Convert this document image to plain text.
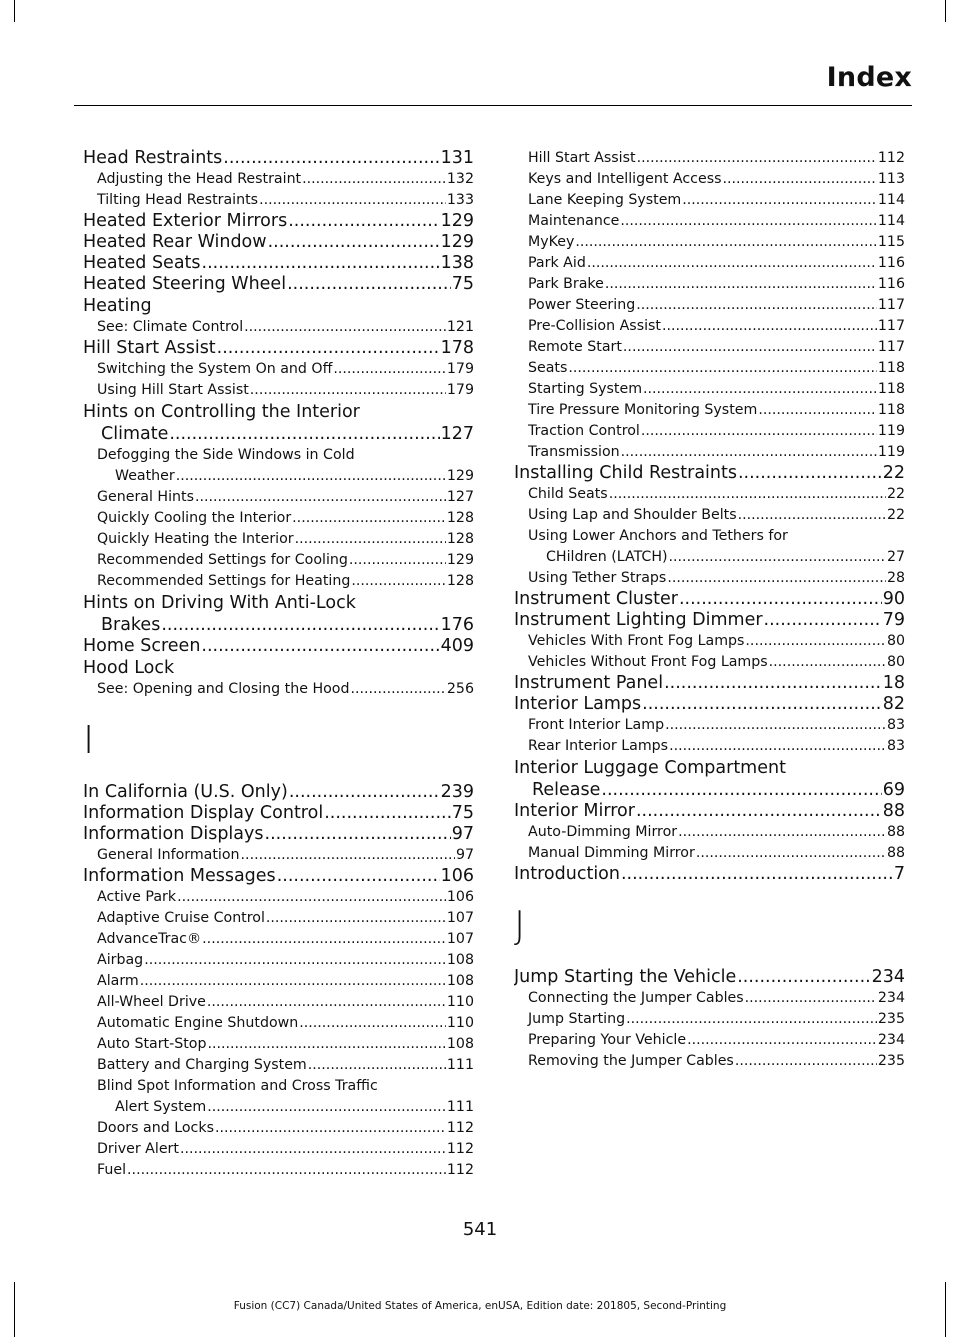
Index
Head Restraints .....	131
Adjusting the Head Restraint .....	132
Tilting Head Restraints .....	133
Heated Exterior Mirrors .....	129
Heated Rear Window .....	129
Heated Seats .....	138
Heated Steering Wheel .....	75
Heating
See: Climate Control .....	121
Hill Start Assist .....	178
Switching the System On and Off .....	179
Using Hill Start Assist .....	179
Hints on Controlling the Interior
Climate .....	127
Defogging the Side Windows in Cold
Weather .....	129
General Hints .....	127
Quickly Cooling the Interior .....	128
Quickly Heating the Interior .....	128
Recommended Settings for Cooling .....	129
Recommended Settings for Heating .....	128
Hints on Driving With Anti-Lock
Brakes .....	176
Home Screen .....	409
Hood Lock
See: Opening and Closing the Hood .....	256
I
In California (U.S. Only) .....	239
Information Display Control .....	75
Information Displays .....	97
General Information .....	97
Information Messages .....	106
Active Park .....	106
Adaptive Cruise Control .....	107
AdvanceTrac® .....	107
Airbag .....	108
Alarm .....	108
All-Wheel Drive .....	110
Automatic Engine Shutdown .....	110
Auto Start-Stop .....	108
Battery and Charging System .....	111
Blind Spot Information and Cross Traffic
Alert System .....	111
Doors and Locks .....	112
Driver Alert .....	112
Fuel .....	112
Hill Start Assist .....	112
Keys and Intelligent Access .....	113
Lane Keeping System .....	114
Maintenance .....	114
MyKey .....	115
Park Aid .....	116
Park Brake .....	116
Power Steering .....	117
Pre-Collision Assist .....	117
Remote Start .....	117
Seats .....	118
Starting System .....	118
Tire Pressure Monitoring System .....	118
Traction Control .....	119
Transmission .....	119
Installing Child Restraints .....	22
Child Seats .....	22
Using Lap and Shoulder Belts .....	22
Using Lower Anchors and Tethers for
CHildren (LATCH) .....	27
Using Tether Straps .....	28
Instrument Cluster .....	90
Instrument Lighting Dimmer .....	79
Vehicles With Front Fog Lamps .....	80
Vehicles Without Front Fog Lamps .....	80
Instrument Panel .....	18
Interior Lamps .....	82
Front Interior Lamp .....	83
Rear Interior Lamps .....	83
Interior Luggage Compartment
Release .....	69
Interior Mirror .....	88
Auto-Dimming Mirror .....	88
Manual Dimming Mirror .....	88
Introduction .....	7
J
Jump Starting the Vehicle .....	234
Connecting the Jumper Cables .....	234
Jump Starting .....	235
Preparing Your Vehicle .....	234
Removing the Jumper Cables .....	235
541
Fusion (CC7) Canada/United States of America, enUSA, Edition date: 201805, Second-Printing
